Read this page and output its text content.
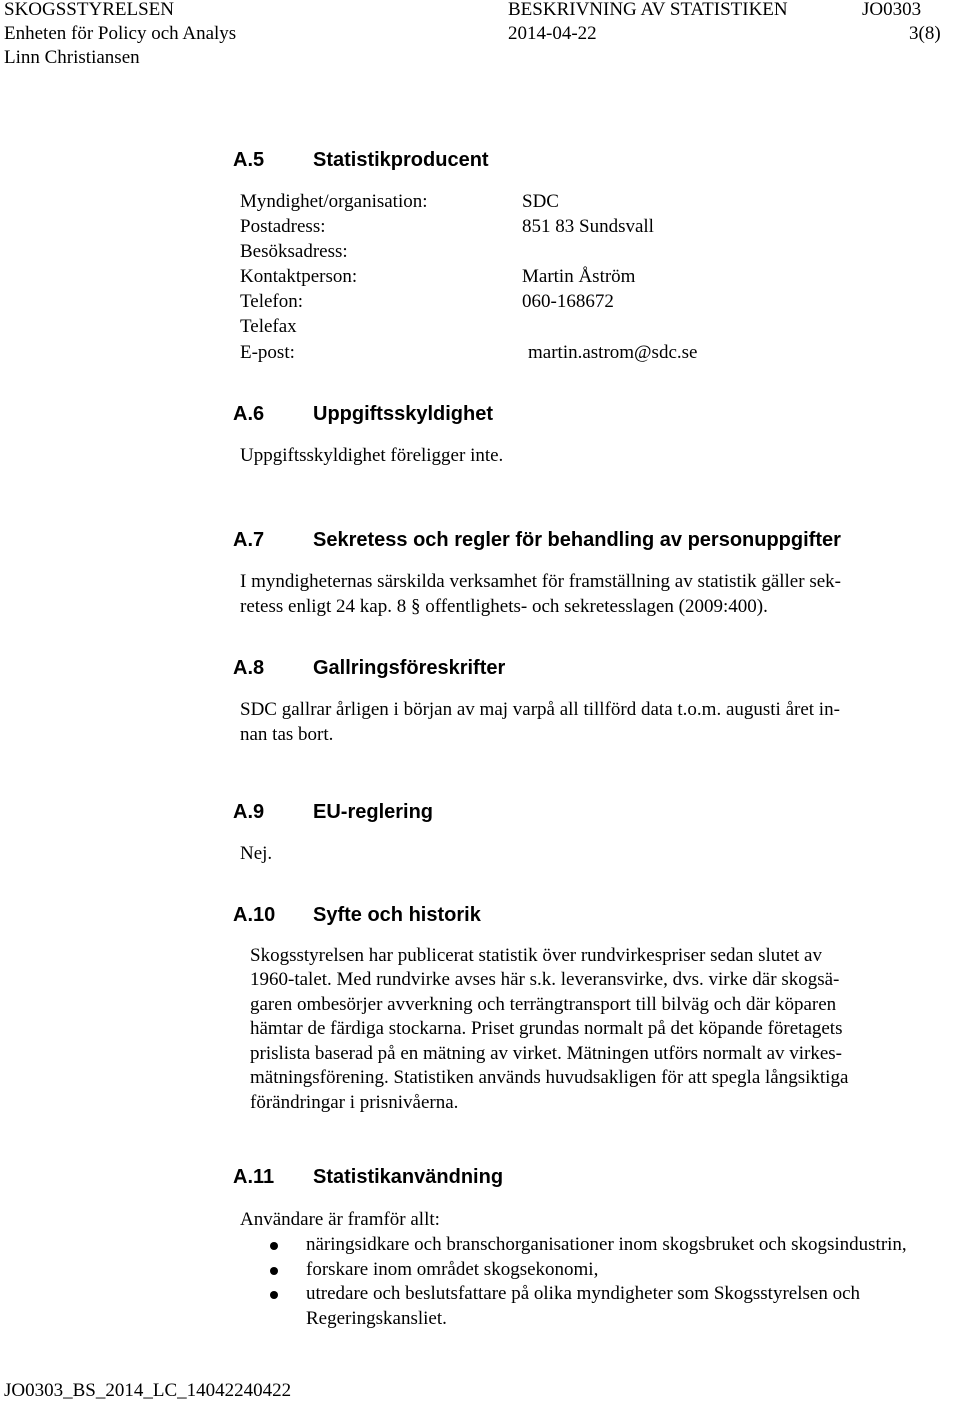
SKOGSSTYRELSEN	BESKRIVNING AV STATISTIKEN	JO0303
Enheten för Policy och Analys	2014-04-22	3(8)
Linn Christiansen
A.5 Statistikproducent
Myndighet/organisation:	SDC
Postadress:	851 83 Sundsvall
Besöksadress:
Kontaktperson:	Martin Åström
Telefon:	060-168672
Telefax
E-post:	martin.astrom@sdc.se
A.6 Uppgiftsskyldighet
Uppgiftsskyldighet föreligger inte.
A.7 Sekretess och regler för behandling av personuppgifter
I myndigheternas särskilda verksamhet för framställning av statistik gäller sek-
retess enligt 24 kap. 8 § offentlighets- och sekretesslagen (2009:400).
A.8 Gallringsföreskrifter
SDC gallrar årligen i början av maj varpå all tillförd data t.o.m. augusti året in-
nan tas bort.
A.9 EU-reglering
Nej.
A.10 Syfte och historik
Skogsstyrelsen har publicerat statistik över rundvirkespriser sedan slutet av
1960-talet. Med rundvirke avses här s.k. leveransvirke, dvs. virke där skogsä-
garen ombesörjer avverkning och terrängtransport till bilväg och där köparen
hämtar de färdiga stockarna. Priset grundas normalt på det köpande företagets
prislista baserad på en mätning av virket. Mätningen utförs normalt av virkes-
mätningsförening. Statistiken används huvudsakligen för att spegla långsiktiga
förändringar i prisnivåerna.
A.11 Statistikanvändning
Användare är framför allt:
näringsidkare och branschorganisationer inom skogsbruket och skogsindustrin,
forskare inom området skogsekonomi,
utredare och beslutsfattare på olika myndigheter som Skogsstyrelsen och Regeringskansliet.
JO0303_BS_2014_LC_14042240422
